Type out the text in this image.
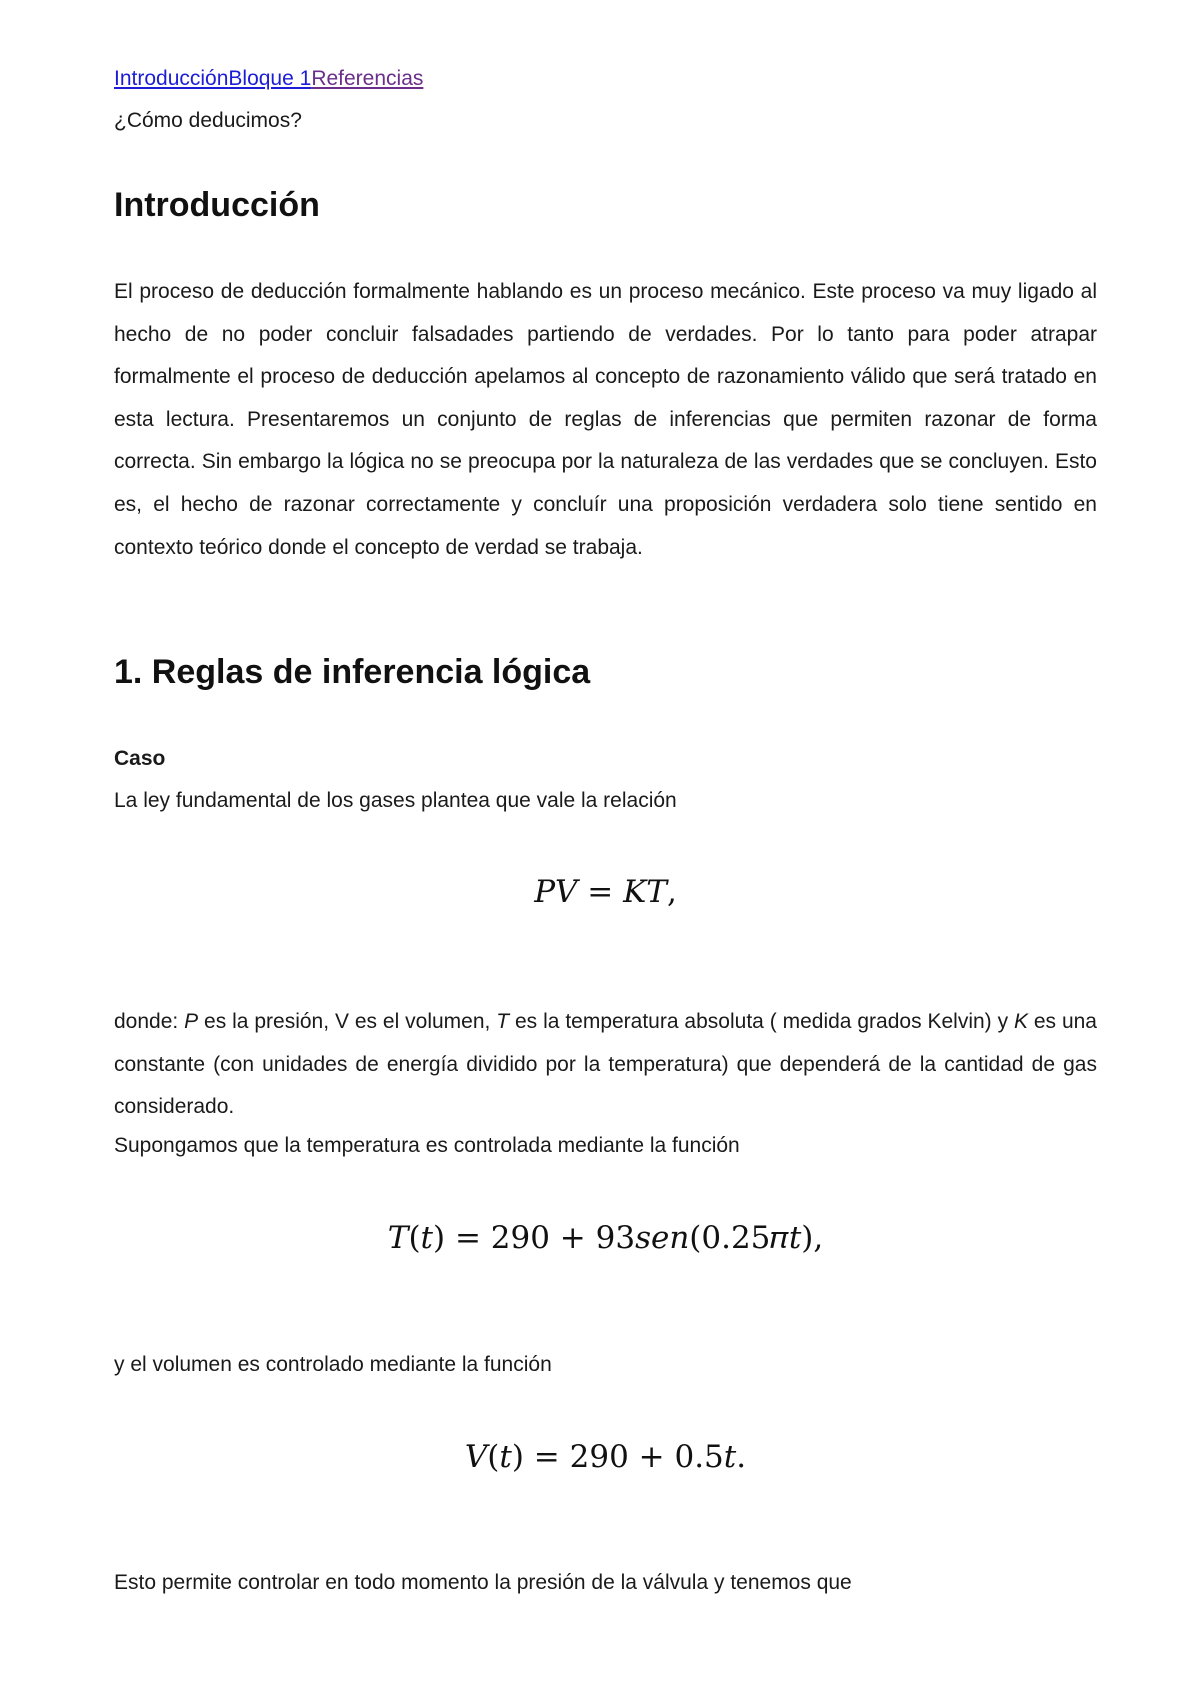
IntroducciónBloque 1Referencias
¿Cómo deducimos?
Introducción

El proceso de deducción formalmente hablando es un proceso mecánico. Este proceso va muy ligado al hecho de no poder concluir falsadades partiendo de verdades. Por lo tanto para poder atrapar formalmente el proceso de deducción apelamos al concepto de razonamiento válido que será tratado en esta lectura. Presentaremos un conjunto de reglas de inferencias que permiten razonar de forma correcta. Sin embargo la lógica no se preocupa por la naturaleza de las verdades que se concluyen. Esto es, el hecho de razonar correctamente y concluír una proposición verdadera solo tiene sentido en contexto teórico donde el concepto de verdad se trabaja.

1. Reglas de inferencia lógica
Caso
La ley fundamental de los gases plantea que vale la relación
𝑃𝑉 = 𝐾𝑇,

donde: P es la presión, V es el volumen, T es la temperatura absoluta ( medida grados Kelvin) y K es una constante (con unidades de energía dividido por la temperatura) que dependerá de la cantidad de gas considerado.

Supongamos que la temperatura es controlada mediante la función
𝑇(𝑡) = 290 + 93𝑠𝑒𝑛(0.25𝜋𝑡),
y el volumen es controlado mediante la función
𝑉(𝑡) = 290 + 0.5𝑡.
Esto permite controlar en todo momento la presión de la válvula y tenemos que
